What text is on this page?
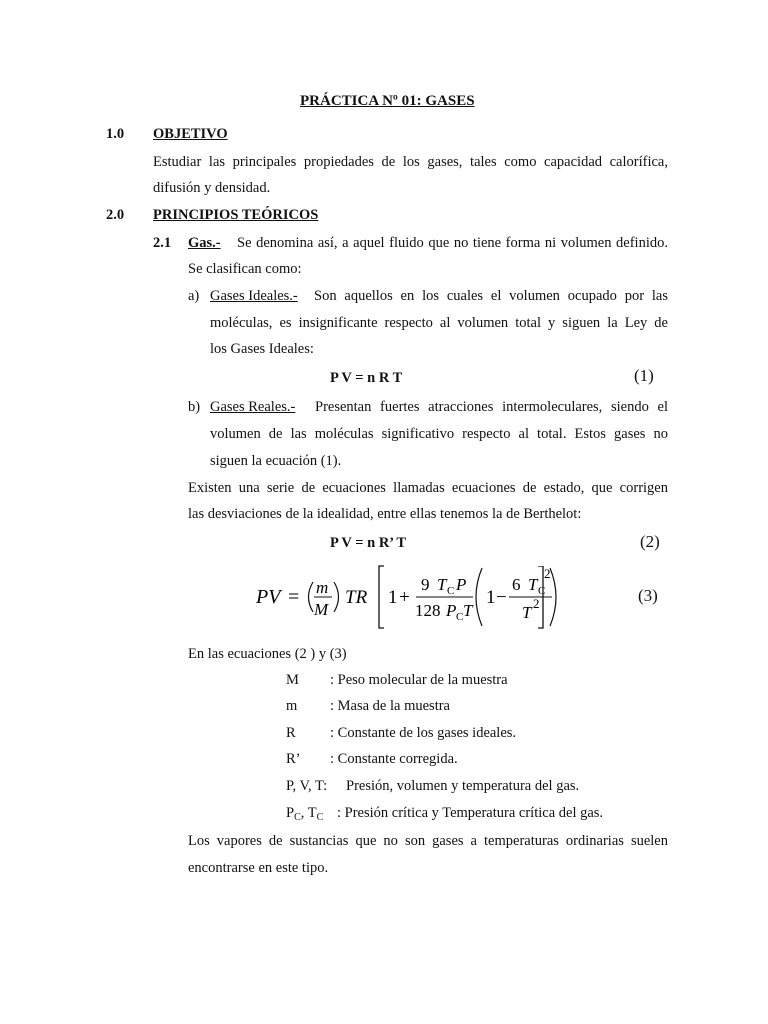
PRÁCTICA Nº 01: GASES
1.0 OBJETIVO
Estudiar las principales propiedades de los gases, tales como capacidad calorífica,
difusión y densidad.
2.0 PRINCIPIOS TEÓRICOS
2.1 Gas.- Se denomina así, a aquel fluido que no tiene forma ni volumen definido.
Se clasifican como:
a) Gases Ideales.- Son aquellos en los cuales el volumen ocupado por las
moléculas, es insignificante respecto al volumen total y siguen la Ley de
los Gases Ideales:
P V = n R T	(1)
b) Gases Reales.- Presentan fuertes atracciones intermoleculares, siendo el
volumen de las moléculas significativo respecto al total. Estos gases no
siguen la ecuación (1).
Existen una serie de ecuaciones llamadas ecuaciones de estado, que corrigen
las desviaciones de la idealidad, entre ellas tenemos la de Berthelot:
P V = n R’ T	(2)
PV = m
M
TR 1 +
9 T C P
128 P C T
1 −
6 T C
2
T 2	(3)
En las ecuaciones (2 ) y (3)
M : Peso molecular de la muestra
m : Masa de la muestra
R : Constante de los gases ideales.
R’ : Constante corregida.
P, V, T: Presión, volumen y temperatura del gas.
$P_C$, $T_C$ : Presión crítica y Temperatura crítica del gas.
Los vapores de sustancias que no son gases a temperaturas ordinarias suelen
encontrarse en este tipo.
